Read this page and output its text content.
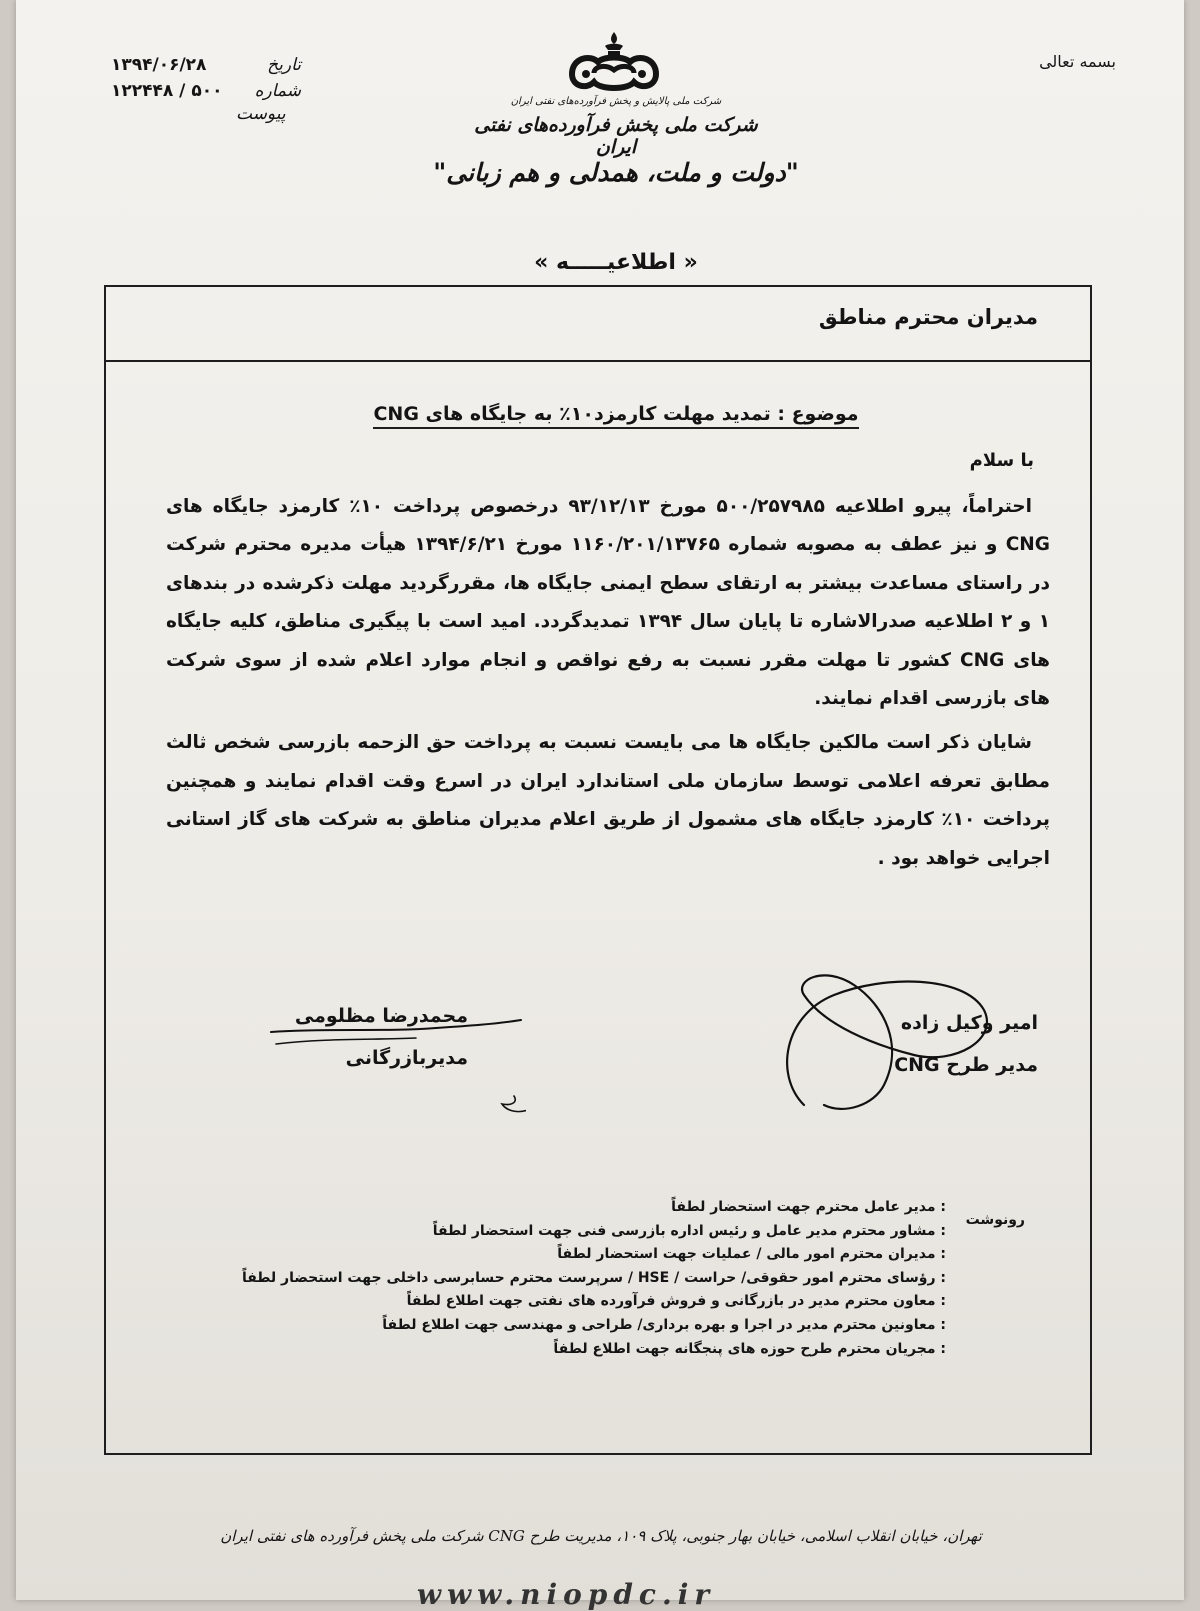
بسمه تعالی
۱۳۹۴/۰۶/۲۸	تاریخ
۵۰۰ / ۱۲۲۴۴۸ شماره
پیوست
شرکت ملی پالایش و پخش فرآورده‌های نفتی ایران
شرکت ملی پخش فرآورده‌های نفتی ایران
"دولت و ملت، همدلی و هم زبانی"
« اطلاعیـــــه »
مدیران محترم مناطق
موضوع : تمدید مهلت کارمزد۱۰٪ به جایگاه های CNG
با سلام

احتراماً، پیرو اطلاعیه ۵۰۰/۲۵۷۹۸۵ مورخ ۹۳/۱۲/۱۳ درخصوص پرداخت ۱۰٪ کارمزد جایگاه های CNG و نیز عطف به مصوبه شماره ۱۱۶۰/۲۰۱/۱۳۷۶۵ مورخ ۱۳۹۴/۶/۲۱ هیأت مدیره محترم شرکت در راستای مساعدت بیشتر به ارتقای سطح ایمنی جایگاه ها، مقررگردید مهلت ذکرشده در بندهای ۱ و ۲ اطلاعیه صدرالاشاره تا پایان سال ۱۳۹۴ تمدیدگردد. امید است با پیگیری مناطق، کلیه جایگاه های CNG کشور تا مهلت مقرر نسبت به رفع نواقص و انجام موارد اعلام شده از سوی شرکت های بازرسی اقدام نمایند.

شایان ذکر است مالکین جایگاه ها می بایست نسبت به پرداخت حق الزحمه بازرسی شخص ثالث مطابق تعرفه اعلامی توسط سازمان ملی استاندارد ایران در اسرع وقت اقدام نمایند و همچنین پرداخت ۱۰٪ کارمزد جایگاه های مشمول از طریق اعلام مدیران مناطق به شرکت های گاز استانی اجرایی خواهد بود .

امیر وکیل زاده
مدیر طرح CNG
محمدرضا مظلومی
مدیربازرگانی
رونوشت
: مدیر عامل محترم جهت استحضار لطفاً
: مشاور محترم مدیر عامل و رئیس اداره بازرسی فنی جهت استحضار لطفاً
: مدیران محترم امور مالی / عملیات جهت استحضار لطفاً
: رؤسای محترم امور حقوقی/ حراست / HSE / سرپرست محترم حسابرسی داخلی جهت استحضار لطفاً
: معاون محترم مدیر در بازرگانی و فروش فرآورده های نفتی جهت اطلاع لطفاً
: معاونین محترم مدیر در اجرا و بهره برداری/ طراحی و مهندسی جهت اطلاع لطفاً
: مجریان محترم طرح حوزه های پنجگانه جهت اطلاع لطفاً
تهران، خیابان انقلاب اسلامی، خیابان بهار جنوبی، پلاک ۱۰۹، مدیریت طرح CNG شرکت ملی پخش فرآورده های نفتی ایران
www.niopdc.ir
